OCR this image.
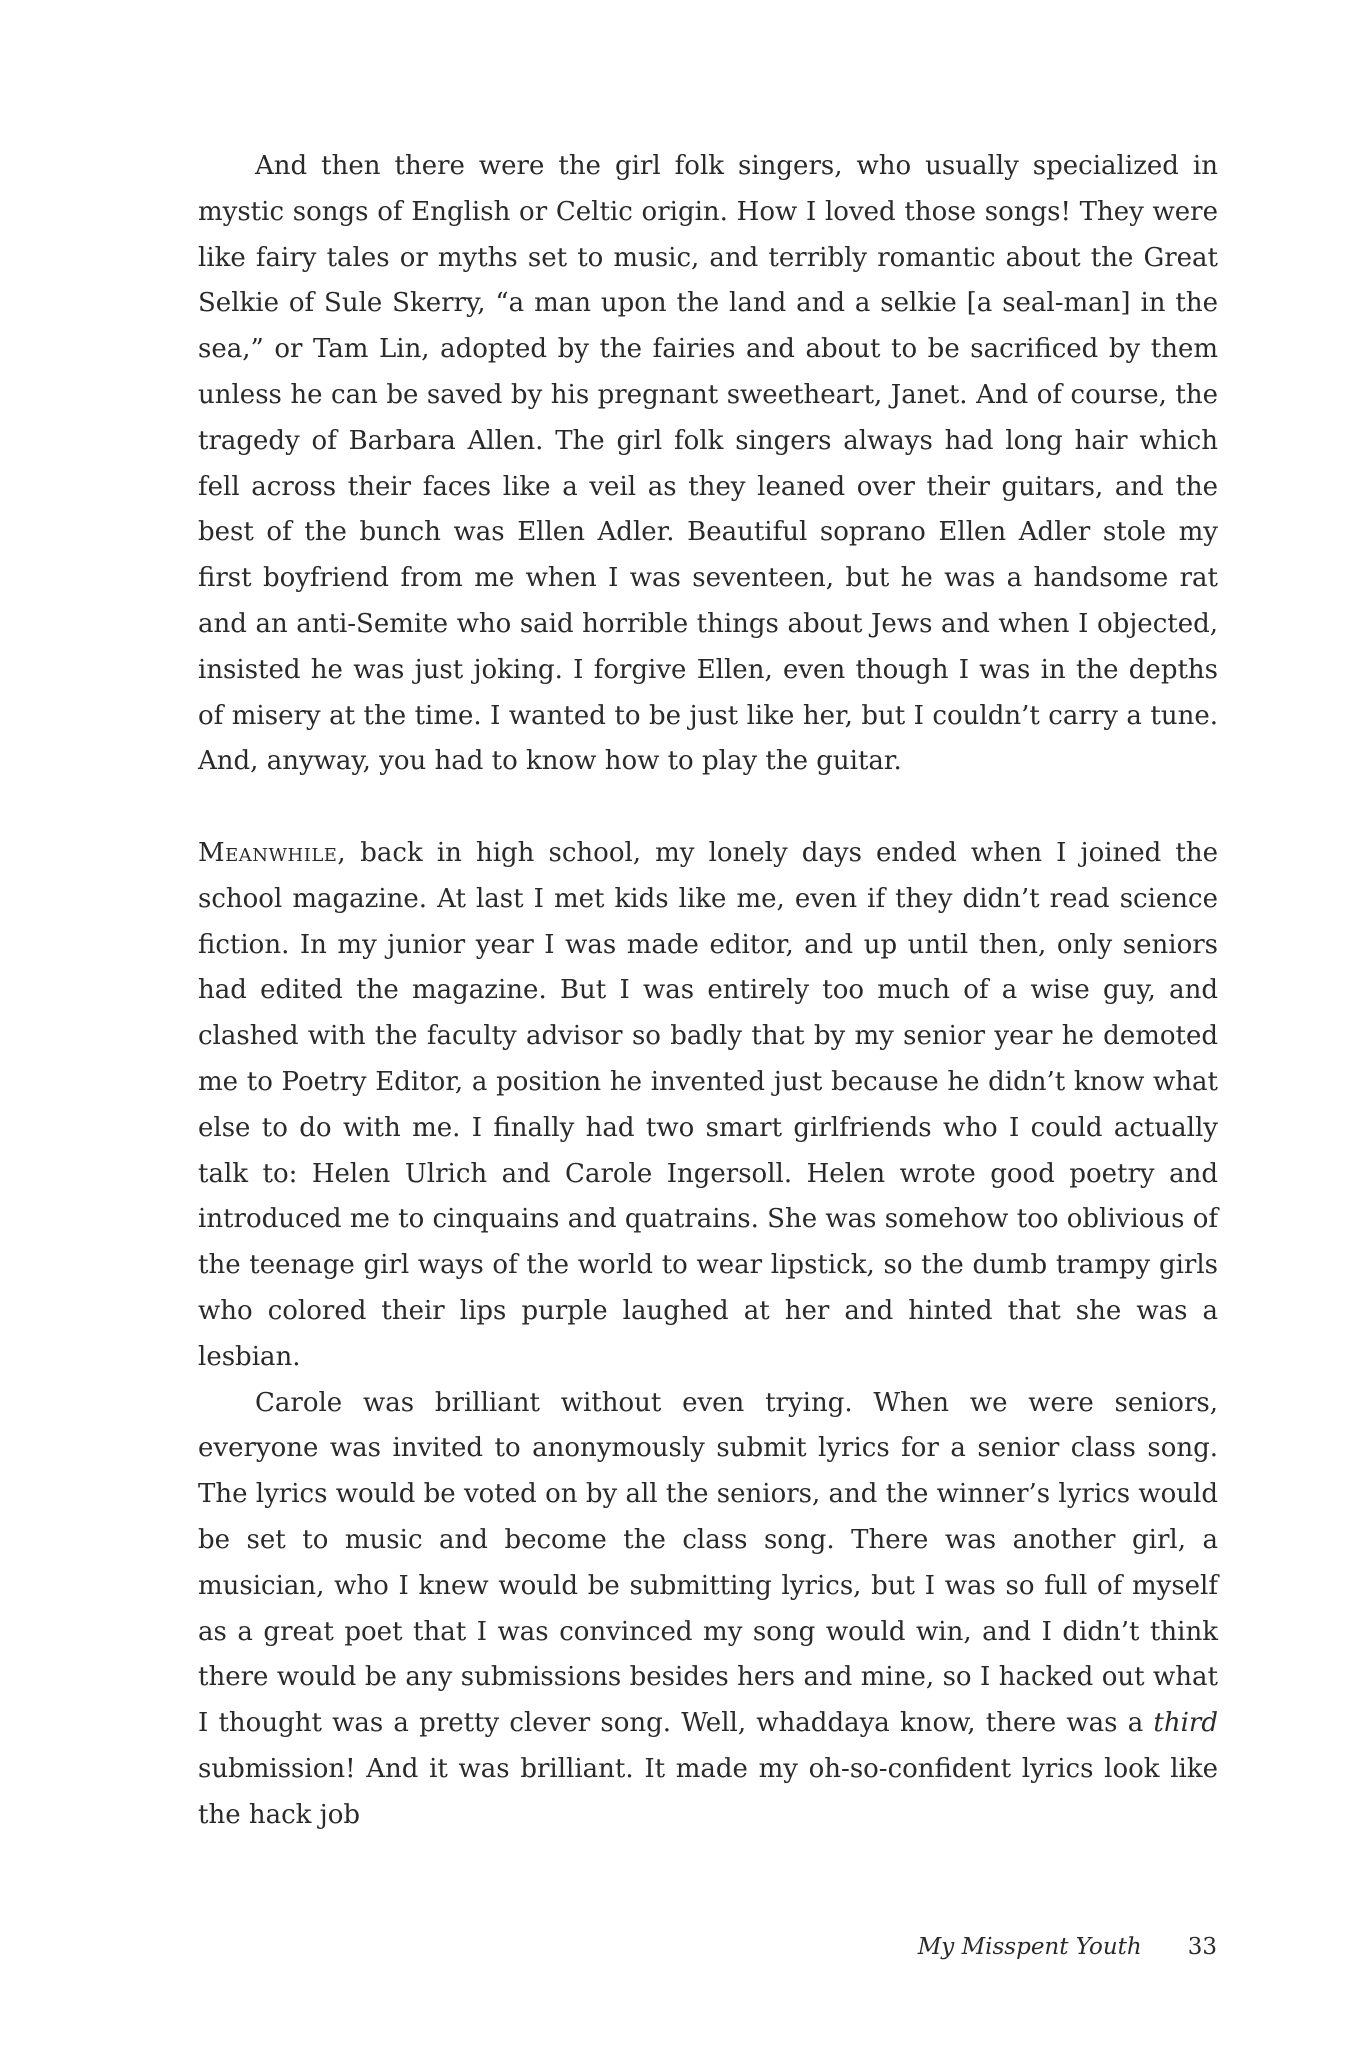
And then there were the girl folk singers, who usually specialized in mystic songs of English or Celtic origin. How I loved those songs! They were like fairy tales or myths set to music, and terribly romantic about the Great Selkie of Sule Skerry, “a man upon the land and a selkie [a seal-man] in the sea,” or Tam Lin, adopted by the fairies and about to be sacrificed by them unless he can be saved by his pregnant sweetheart, Janet. And of course, the tragedy of Barbara Allen. The girl folk singers always had long hair which fell across their faces like a veil as they leaned over their guitars, and the best of the bunch was Ellen Adler. Beautiful soprano Ellen Adler stole my first boyfriend from me when I was seventeen, but he was a handsome rat and an anti-Semite who said horrible things about Jews and when I objected, insisted he was just joking. I forgive Ellen, even though I was in the depths of misery at the time. I wanted to be just like her, but I couldn’t carry a tune. And, anyway, you had to know how to play the guitar.

Meanwhile, back in high school, my lonely days ended when I joined the school magazine. At last I met kids like me, even if they didn’t read science fiction. In my junior year I was made editor, and up until then, only seniors had edited the magazine. But I was entirely too much of a wise guy, and clashed with the faculty advisor so badly that by my senior year he demoted me to Poetry Editor, a position he invented just because he didn’t know what else to do with me. I finally had two smart girlfriends who I could actually talk to: Helen Ulrich and Carole Ingersoll. Helen wrote good poetry and introduced me to cinquains and quatrains. She was somehow too oblivious of the teenage girl ways of the world to wear lipstick, so the dumb trampy girls who colored their lips purple laughed at her and hinted that she was a lesbian.

Carole was brilliant without even trying. When we were seniors, everyone was invited to anonymously submit lyrics for a senior class song. The lyrics would be voted on by all the seniors, and the winner’s lyrics would be set to music and become the class song. There was another girl, a musician, who I knew would be submitting lyrics, but I was so full of myself as a great poet that I was convinced my song would win, and I didn’t think there would be any submissions besides hers and mine, so I hacked out what I thought was a pretty clever song. Well, whaddaya know, there was a third submission! And it was brilliant. It made my oh-so-confident lyrics look like the hack job

My Misspent Youth 33
